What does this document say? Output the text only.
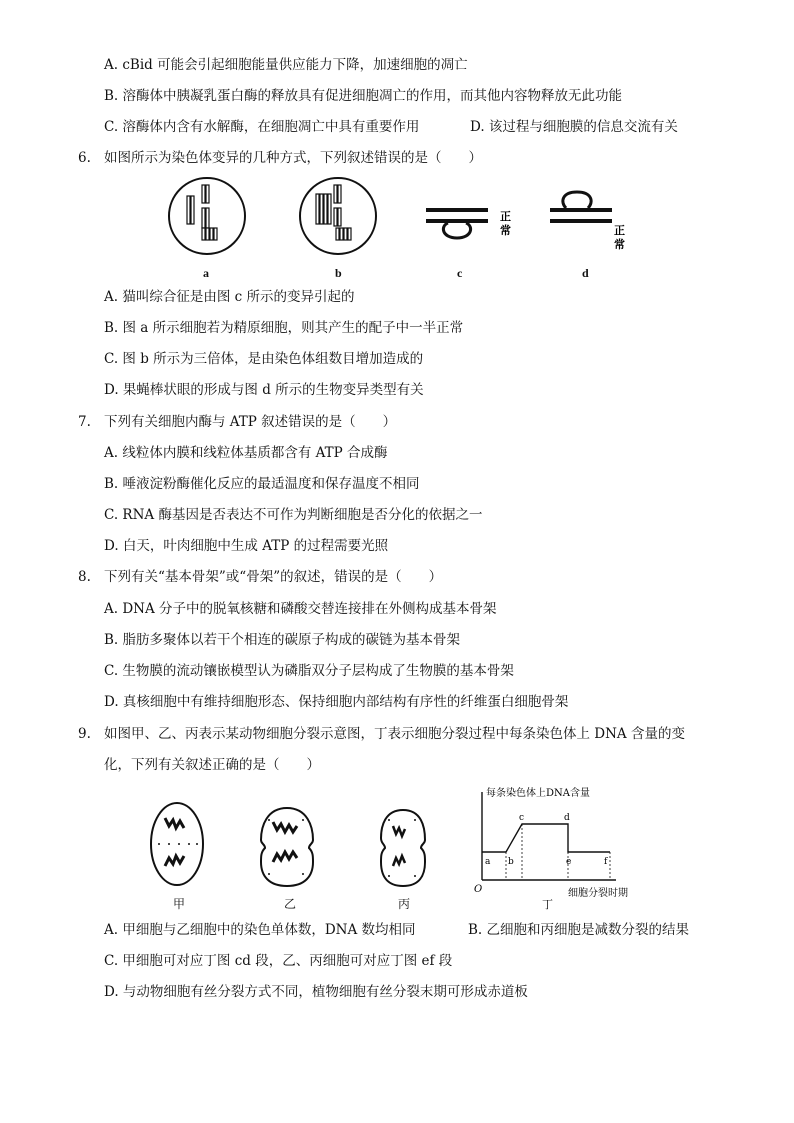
A. cBid 可能会引起细胞能量供应能力下降，加速细胞的凋亡
B. 溶酶体中胰凝乳蛋白酶的释放具有促进细胞凋亡的作用，而其他内容物释放无此功能
C. 溶酶体内含有水解酶，在细胞凋亡中具有重要作用	D. 该过程与细胞膜的信息交流有关
6. 如图所示为染色体变异的几种方式，下列叙述错误的是（　　）
正
常	正
常
a	b	c	d
A. 猫叫综合征是由图 c 所示的变异引起的
B. 图 a 所示细胞若为精原细胞，则其产生的配子中一半正常
C. 图 b 所示为三倍体，是由染色体组数目增加造成的
D. 果蝇棒状眼的形成与图 d 所示的生物变异类型有关
7. 下列有关细胞内酶与 ATP 叙述错误的是（　　）
A. 线粒体内膜和线粒体基质都含有 ATP 合成酶
B. 唾液淀粉酶催化反应的最适温度和保存温度不相同
C. RNA 酶基因是否表达不可作为判断细胞是否分化的依据之一
D. 白天，叶肉细胞中生成 ATP 的过程需要光照
8. 下列有关“基本骨架”或“骨架”的叙述，错误的是（　　）
A. DNA 分子中的脱氧核糖和磷酸交替连接排在外侧构成基本骨架
B. 脂肪多聚体以若干个相连的碳原子构成的碳链为基本骨架
C. 生物膜的流动镶嵌模型认为磷脂双分子层构成了生物膜的基本骨架
D. 真核细胞中有维持细胞形态、保持细胞内部结构有序性的纤维蛋白细胞骨架
9. 如图甲、乙、丙表示某动物细胞分裂示意图，丁表示细胞分裂过程中每条染色体上 DNA 含量的变
化，下列有关叙述正确的是（　　）
甲	乙	丙
每条染色体上DNA含量
O
a b
c	d
e	f
细胞分裂时期
丁
A. 甲细胞与乙细胞中的染色单体数，DNA 数均相同	B. 乙细胞和丙细胞是减数分裂的结果
C. 甲细胞可对应丁图 cd 段，乙、丙细胞可对应丁图 ef 段
D. 与动物细胞有丝分裂方式不同，植物细胞有丝分裂末期可形成赤道板
